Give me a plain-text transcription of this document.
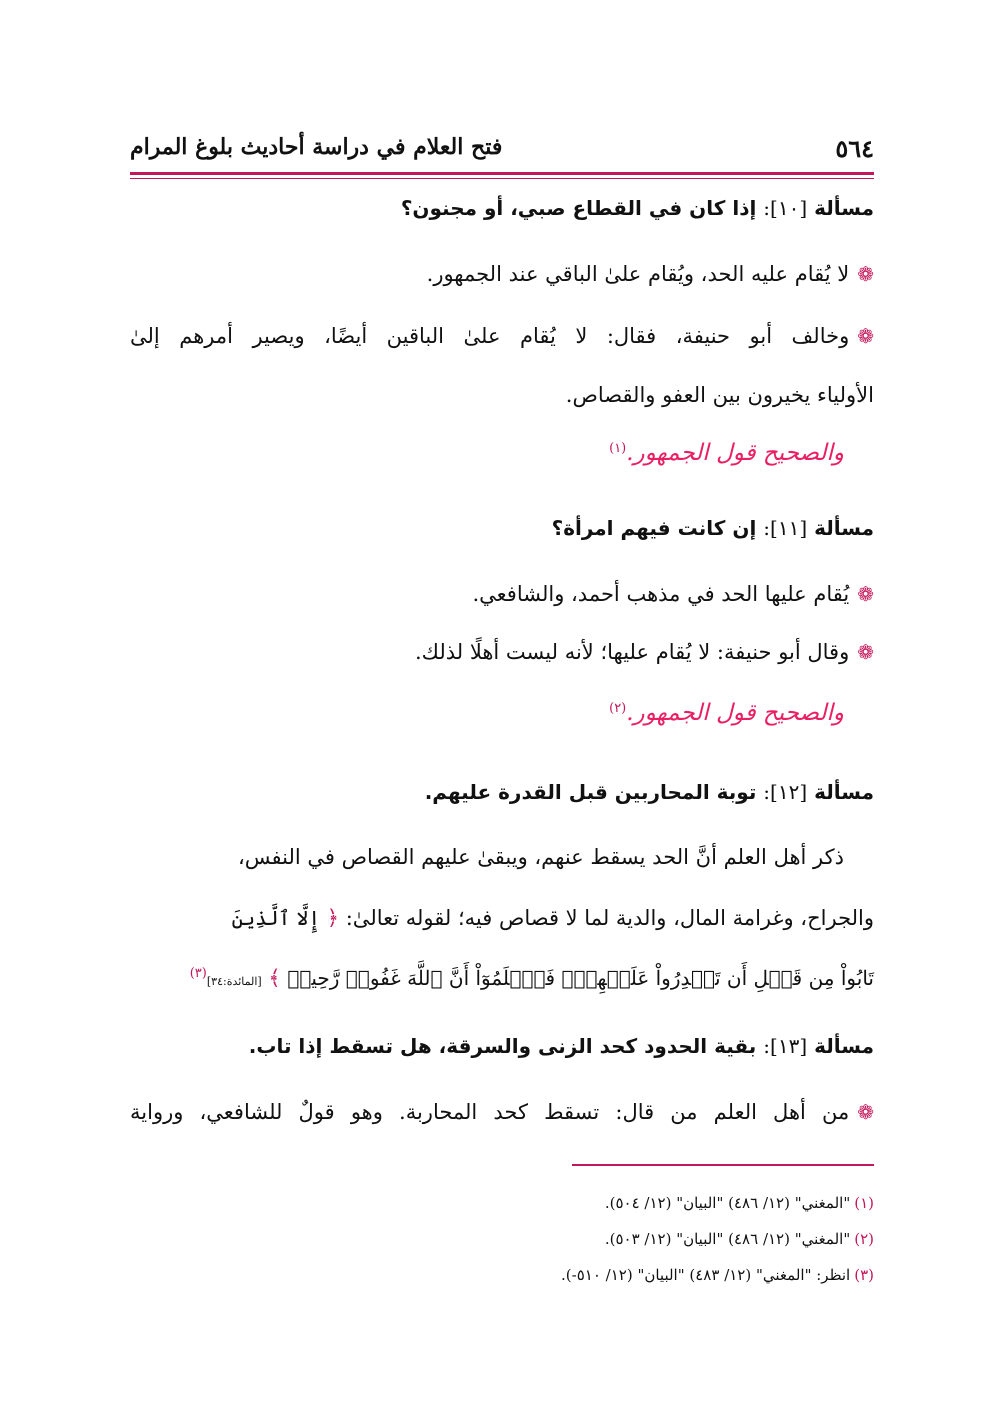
٥٦٤
فتح العلام في دراسة أحاديث بلوغ المرام
مسألة [١٠]: إذا كان في القطاع صبي، أو مجنون؟
❁لا يُقام عليه الحد، ويُقام علىٰ الباقي عند الجمهور.
❁وخالف أبو حنيفة، فقال: لا يُقام علىٰ الباقين أيضًا، ويصير أمرهم إلىٰ
الأولياء يخيرون بين العفو والقصاص.
والصحيح قول الجمهور.$^{(١)}$
مسألة [١١]: إن كانت فيهم امرأة؟
❁يُقام عليها الحد في مذهب أحمد، والشافعي.
❁وقال أبو حنيفة: لا يُقام عليها؛ لأنه ليست أهلًا لذلك.
والصحيح قول الجمهور.$^{(٢)}$
مسألة [١٢]: توبة المحاربين قبل القدرة عليهم.
ذكر أهل العلم أنَّ الحد يسقط عنهم، ويبقىٰ عليهم القصاص في النفس،
والجراح، وغرامة المال، والدية لما لا قصاص فيه؛ لقوله تعالىٰ: ﴿ إِلَّا ٱلَّذِينَ
تَابُواْ مِن قَبۡلِ أَن تَقۡدِرُواْ عَلَيۡهِمۡۖ فَٱعۡلَمُوٓاْ أَنَّ ٱللَّهَ غَفُورٞ رَّحِيمٞ ﴾ [المائدة:٣٤]$^{(٣)}$
مسألة [١٣]: بقية الحدود كحد الزنى والسرقة، هل تسقط إذا تاب.
❁من أهل العلم من قال: تسقط كحد المحاربة. وهو قولٌ للشافعي، ورواية
(١)"المغني" (١٢/ ٤٨٦) "البيان" (١٢/ ٥٠٤).
(٢)"المغني" (١٢/ ٤٨٦) "البيان" (١٢/ ٥٠٣).
(٣)انظر: "المغني" (١٢/ ٤٨٣) "البيان" (١٢/ ٥١٠-).
